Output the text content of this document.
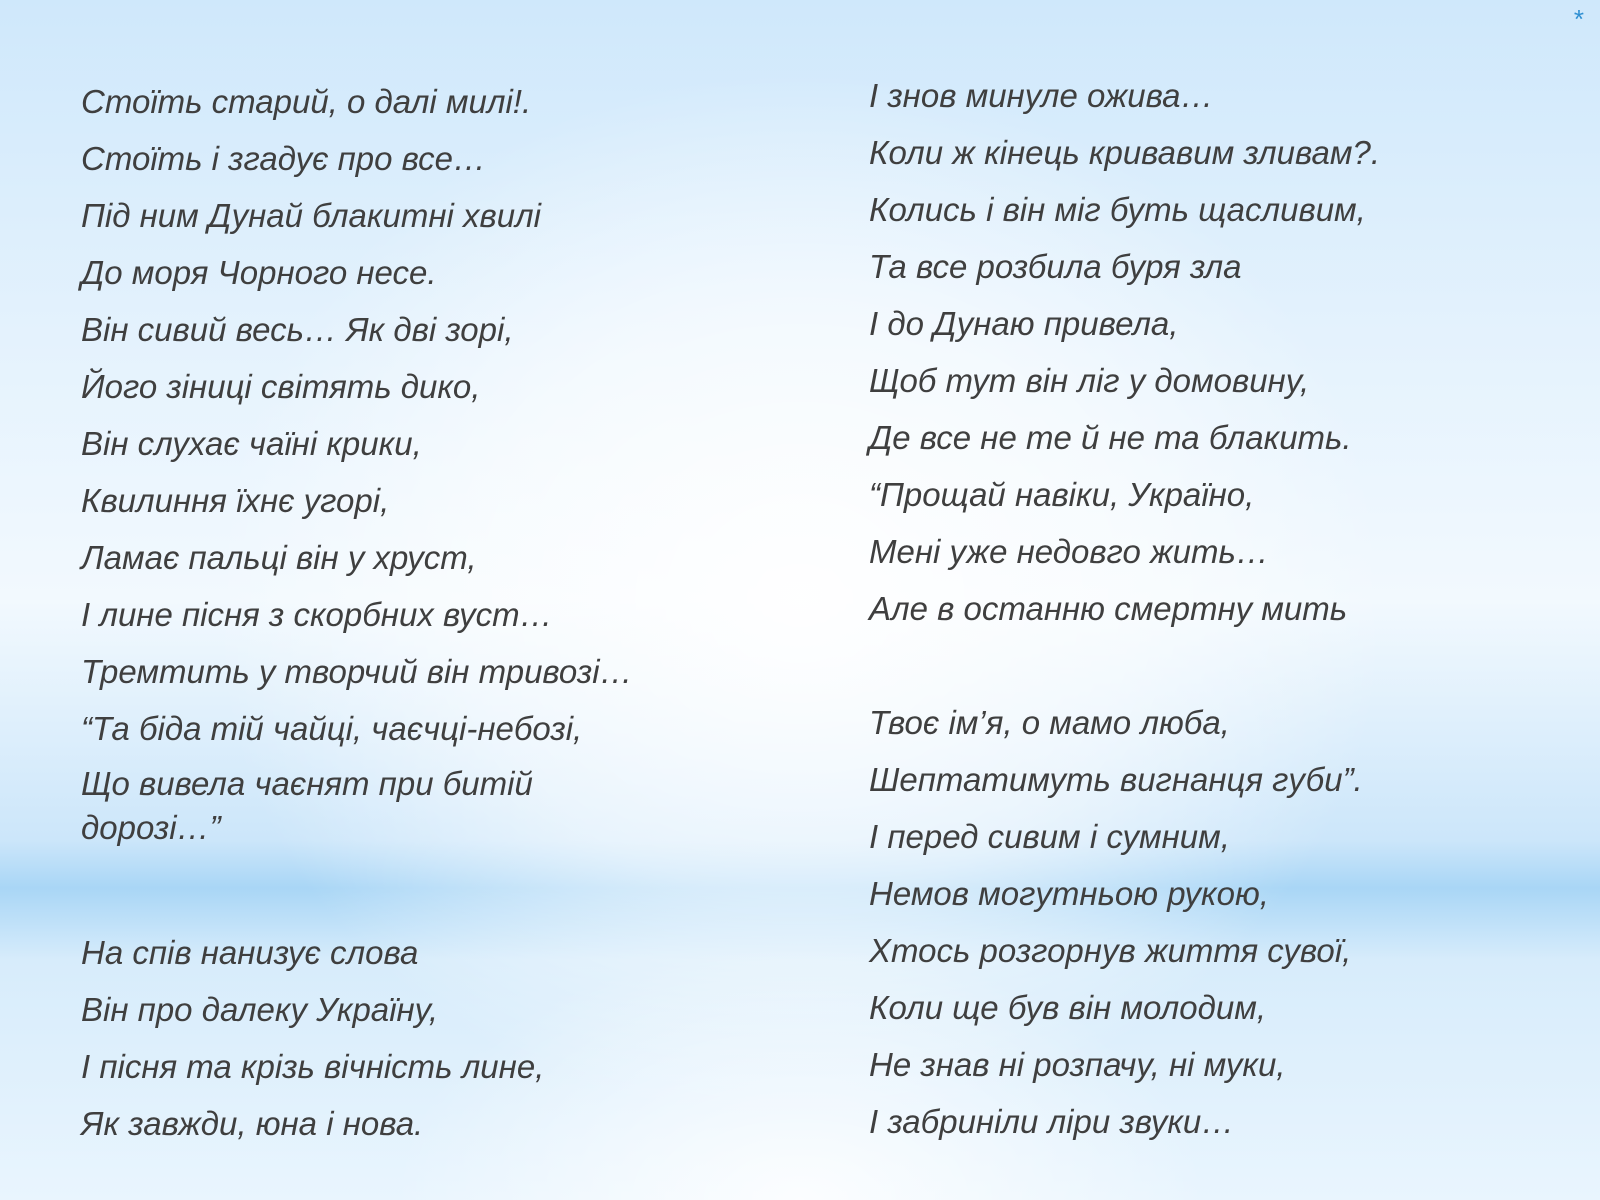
*

Стоїть старий, о далі милі!.

Стоїть і згадує про все…

Під ним Дунай блакитні хвилі

До моря Чорного несе.

Він сивий весь… Як дві зорі,

Його зіниці світять дико,

Він слухає чаїні крики,

Квилиння їхнє угорі,

Ламає пальці він у хруст,

І лине пісня з скорбних вуст…

Тремтить у творчий він тривозі…

“Та біда тій чайці, чаєчці-небозі,

Що вивела чаєнят при битій дорозі…”

На спів нанизує слова

Він про далеку Україну,

І пісня та крізь вічність лине,

Як завжди, юна і нова.

І знов минуле ожива…

Коли ж кінець кривавим зливам?.

Колись і він міг буть щасливим,

Та все розбила буря зла

І до Дунаю привела,

Щоб тут він ліг у домовину,

Де все не те й не та блакить.

“Прощай навіки, Україно,

Мені уже недовго жить…

Але в останню смертну мить

Твоє ім’я, о мамо люба,

Шептатимуть вигнанця губи”.

І перед сивим і сумним,

Немов могутньою рукою,

Хтось розгорнув життя сувої,

Коли ще був він молодим,

Не знав ні розпачу, ні муки,

І забриніли ліри звуки…
